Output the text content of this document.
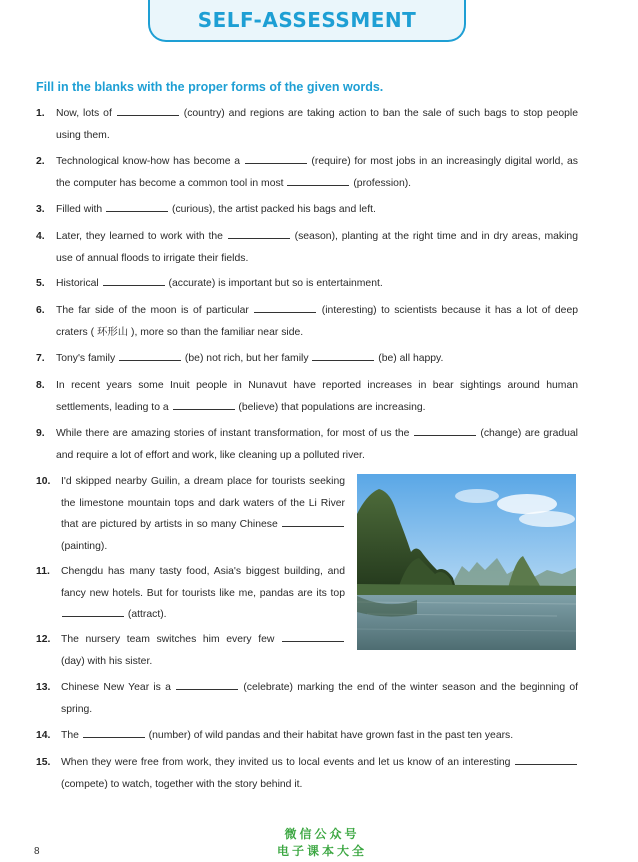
SELF-ASSESSMENT
Fill in the blanks with the proper forms of the given words.
1.	Now, lots of	(country) and regions are taking action to ban the sale of such bags to stop people using them.
2.	Technological know-how has become a	(require) for most jobs in an increasingly digital world, as the computer has become a common tool in most	(profession).
3.	Filled with	(curious), the artist packed his bags and left.
4.	Later, they learned to work with the	(season), planting at the right time and in dry areas, making use of annual floods to irrigate their fields.
5.	Historical	(accurate) is important but so is entertainment.
6.	The far side of the moon is of particular	(interesting) to scientists because it has a lot of deep craters ( 环形山 ), more so than the familiar near side.
7.	Tony's family	(be) not rich, but her family	(be) all happy.
8.	In recent years some Inuit people in Nunavut have reported increases in bear sightings around human settlements, leading to a	(believe) that populations are increasing.
9.	While there are amazing stories of instant transformation, for most of us the	(change) are gradual and require a lot of effort and work, like cleaning up a polluted river.
10.	I'd skipped nearby Guilin, a dream place for tourists seeking the limestone mountain tops and dark waters of the Li River that are pictured by artists in so many Chinese  (painting).
11.	Chengdu has many tasty food, Asia's biggest building, and fancy new hotels. But for tourists like me, pandas are its top  (attract).
12.	The nursery team switches him every few  (day) with his sister.
13.	Chinese New Year is a	(celebrate) marking the end of the winter season and the beginning of spring.
14.	The	(number) of wild pandas and their habitat have grown fast in the past ten years.
15.	When they were free from work, they invited us to local events and let us know of an interesting  (compete) to watch, together with the story behind it.
8
微信公众号
电子课本大全
